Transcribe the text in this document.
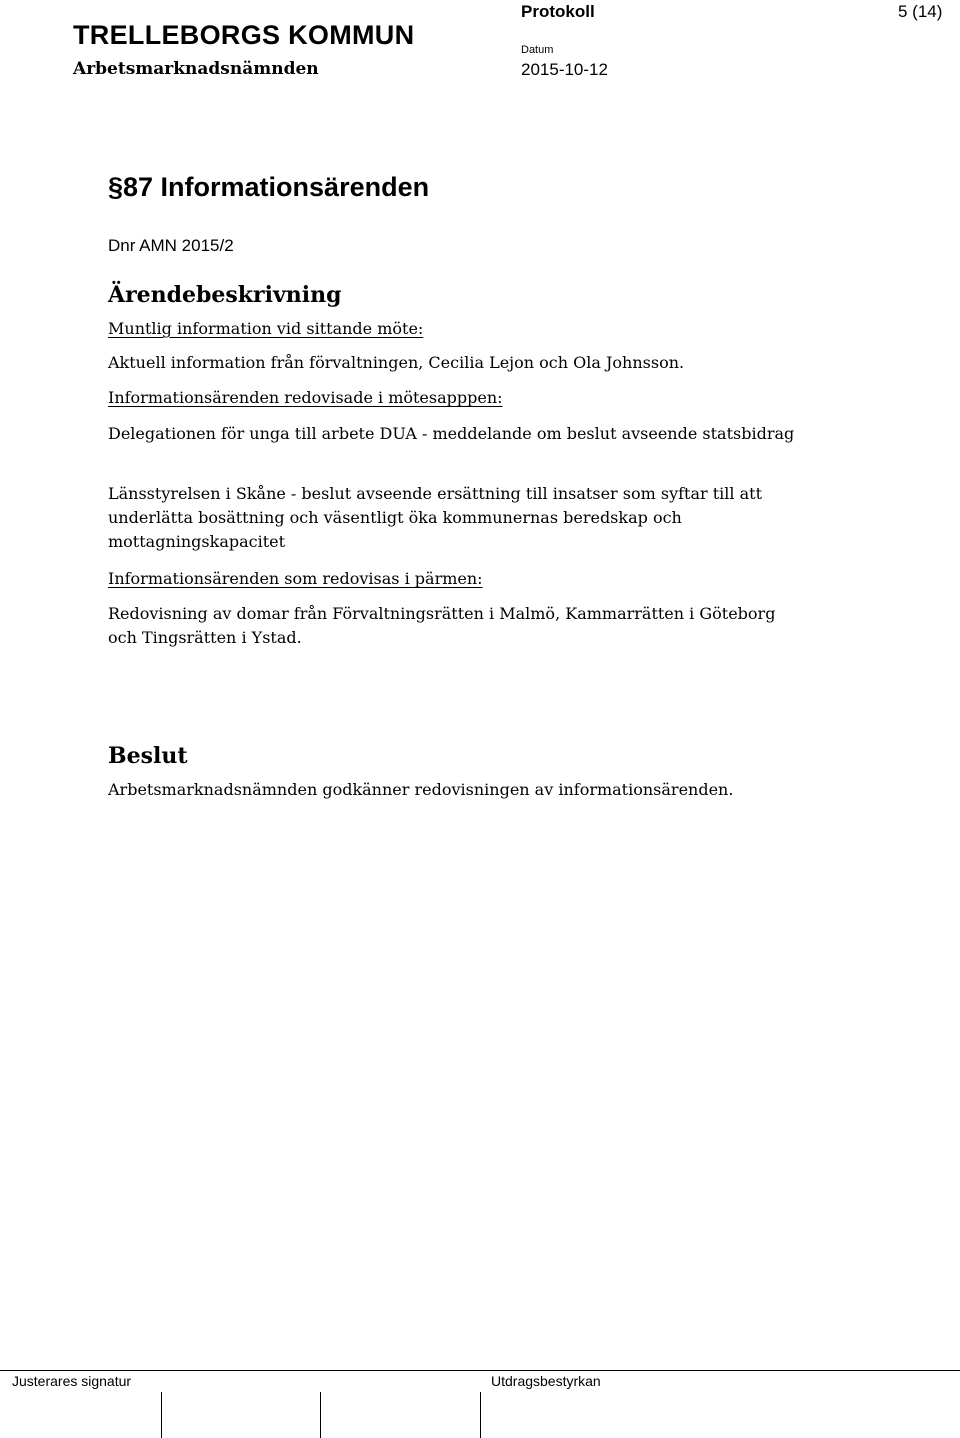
TRELLEBORGS KOMMUN
Arbetsmarknadsnämnden
Protokoll	5 (14)
Datum
2015-10-12
§87 Informationsärenden
Dnr AMN 2015/2
Ärendebeskrivning
Muntlig information vid sittande möte:
Aktuell information från förvaltningen, Cecilia Lejon och Ola Johnsson.
Informationsärenden redovisade i mötesapppen:
Delegationen för unga till arbete DUA - meddelande om beslut avseende statsbidrag
Länsstyrelsen i Skåne - beslut avseende ersättning till insatser som syftar till att underlätta bosättning och väsentligt öka kommunernas beredskap och mottagningskapacitet
Informationsärenden som redovisas i pärmen:
Redovisning av domar från Förvaltningsrätten i Malmö, Kammarrätten i Göteborg och Tingsrätten i Ystad.
Beslut
Arbetsmarknadsnämnden godkänner redovisningen av informationsärenden.
Justerares signatur	Utdragsbestyrkan
